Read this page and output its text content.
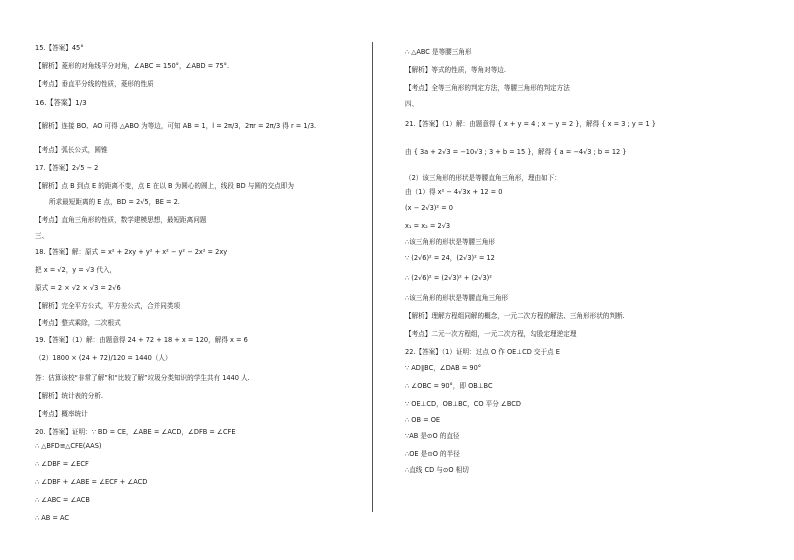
15.【答案】45°
【解析】菱形的对角线平分对角，∠ABC = 150°，∠ABD = 75°.
【考点】垂直平分线的性质，菱形的性质
16.【答案】1/3
【解析】连接 BO、AO 可得 △ABO 为等边，可知 AB = 1，l = 2π/3，2πr = 2π/3 得 r = 1/3.
【考点】弧长公式，圆锥
17.【答案】2√5 − 2
【解析】点 B 到点 E 的距离不变，点 E 在以 B 为圆心的圆上，线段 BD 与圆的交点即为
所求最短距离的 E 点，BD = 2√5，BE = 2.
【考点】直角三角形的性质，数学建模思想，最短距离问题
三、
18.【答案】解：原式 = x² + 2xy + y² + x² − y² − 2x² = 2xy
把 x = √2，y = √3 代入，
原式 = 2 × √2 × √3 = 2√6
【解析】完全平方公式，平方差公式，合并同类项
【考点】整式乘除，二次根式
19.【答案】（1）解：由题意得 24 + 72 + 18 + x = 120，解得 x = 6
（2）1800 × (24 + 72)/120 = 1440（人）
答：估算该校“非常了解”和“比较了解”垃圾分类知识的学生共有 1440 人.
【解析】统计表的分析.
【考点】概率统计
20.【答案】证明：∵ BD = CE，∠ABE = ∠ACD，∠DFB = ∠CFE
∴ △BFD≌△CFE(AAS)
∴ ∠DBF = ∠ECF
∴ ∠DBF + ∠ABE = ∠ECF + ∠ACD
∴ ∠ABC = ∠ACB
∴ AB = AC
∴ △ABC 是等腰三角形
【解析】等式的性质，等角对等边.
【考点】全等三角形的判定方法，等腰三角形的判定方法
四、
21.【答案】（1）解：由题意得 { x + y = 4 ; x − y = 2 }，解得 { x = 3 ; y = 1 }
由 { 3a + 2√3 = −10√3 ; 3 + b = 15 }，解得 { a = −4√3 ; b = 12 }
（2）该三角形的形状是等腰直角三角形，理由如下：
由（1）得 x² − 4√3x + 12 = 0
(x − 2√3)² = 0
x₁ = x₂ = 2√3
∴该三角形的形状是等腰三角形
∵ (2√6)² = 24，(2√3)² = 12
∴ (2√6)² = (2√3)² + (2√3)²
∴该三角形的形状是等腰直角三角形
【解析】理解方程组同解的概念，一元二次方程的解法、三角形形状的判断.
【考点】二元一次方程组，一元二次方程，勾股定理逆定理
22.【答案】（1）证明：过点 O 作 OE⊥CD 交于点 E
∵ AD∥BC，∠DAB = 90°
∴ ∠OBC = 90°，即 OB⊥BC
∵ OE⊥CD，OB⊥BC，CO 平分 ∠BCD
∴ OB = OE
∵AB 是⊙O 的直径
∴OE 是⊙O 的半径
∴直线 CD 与⊙O 相切
